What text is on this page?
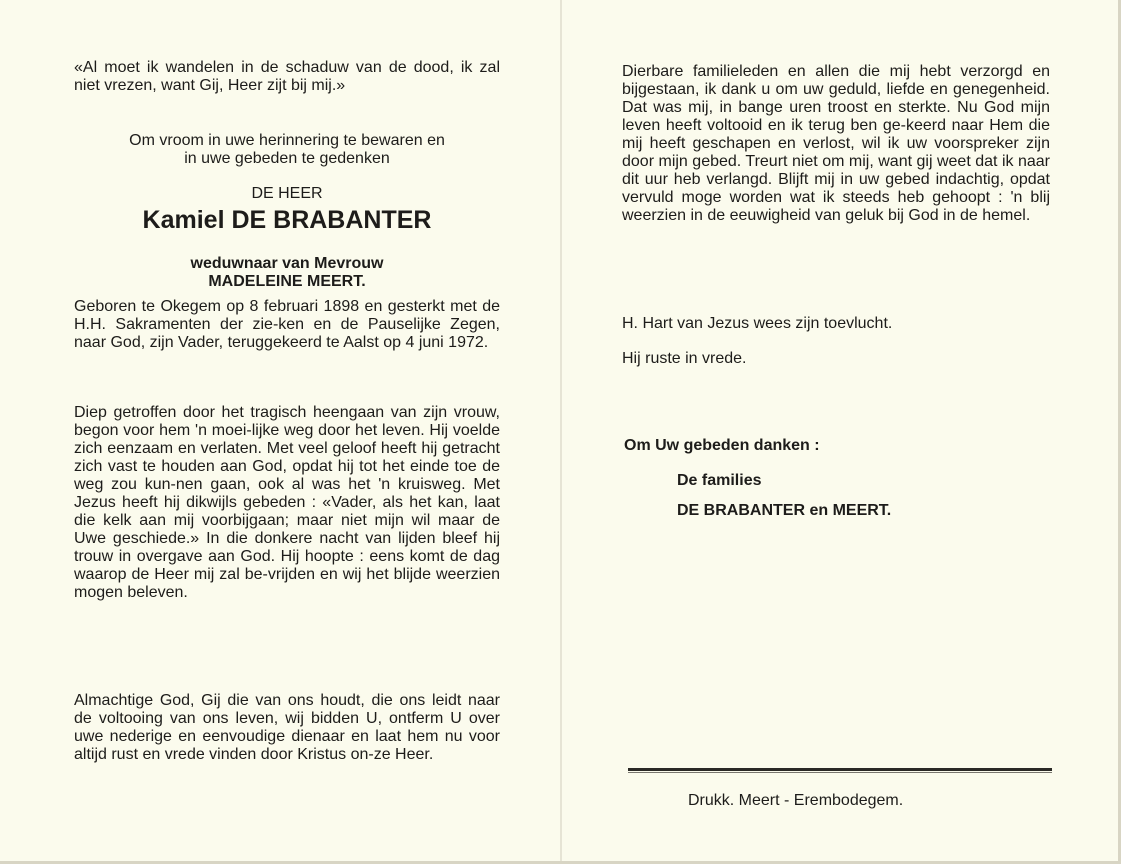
«Al moet ik wandelen in de schaduw van de dood, ik zal niet vrezen, want Gij, Heer zijt bij mij.»

Om vroom in uwe herinnering te bewaren en

in uwe gebeden te gedenken

DE HEER

Kamiel DE BRABANTER

weduwnaar van Mevrouw

MADELEINE MEERT.

Geboren te Okegem op 8 februari 1898 en gesterkt met de H.H. Sakramenten der zie-ken en de Pauselijke Zegen, naar God, zijn Vader, teruggekeerd te Aalst op 4 juni 1972.

Diep getroffen door het tragisch heengaan van zijn vrouw, begon voor hem 'n moei-lijke weg door het leven. Hij voelde zich eenzaam en verlaten. Met veel geloof heeft hij getracht zich vast te houden aan God, opdat hij tot het einde toe de weg zou kun-nen gaan, ook al was het 'n kruisweg. Met Jezus heeft hij dikwijls gebeden : «Vader, als het kan, laat die kelk aan mij voorbijgaan; maar niet mijn wil maar de Uwe geschiede.» In die donkere nacht van lijden bleef hij trouw in overgave aan God. Hij hoopte : eens komt de dag waarop de Heer mij zal be-vrijden en wij het blijde weerzien mogen beleven.

Almachtige God, Gij die van ons houdt, die ons leidt naar de voltooing van ons leven, wij bidden U, ontferm U over uwe nederige en eenvoudige dienaar en laat hem nu voor altijd rust en vrede vinden door Kristus on-ze Heer.

Dierbare familieleden en allen die mij hebt verzorgd en bijgestaan, ik dank u om uw geduld, liefde en genegenheid. Dat was mij, in bange uren troost en sterkte. Nu God mijn leven heeft voltooid en ik terug ben ge-keerd naar Hem die mij heeft geschapen en verlost, wil ik uw voorspreker zijn door mijn gebed. Treurt niet om mij, want gij weet dat ik naar dit uur heb verlangd. Blijft mij in uw gebed indachtig, opdat vervuld moge worden wat ik steeds heb gehoopt : 'n blij weerzien in de eeuwigheid van geluk bij God in de hemel.

H. Hart van Jezus wees zijn toevlucht.

Hij ruste in vrede.

Om Uw gebeden danken :

De families

DE BRABANTER en MEERT.

Drukk. Meert - Erembodegem.
